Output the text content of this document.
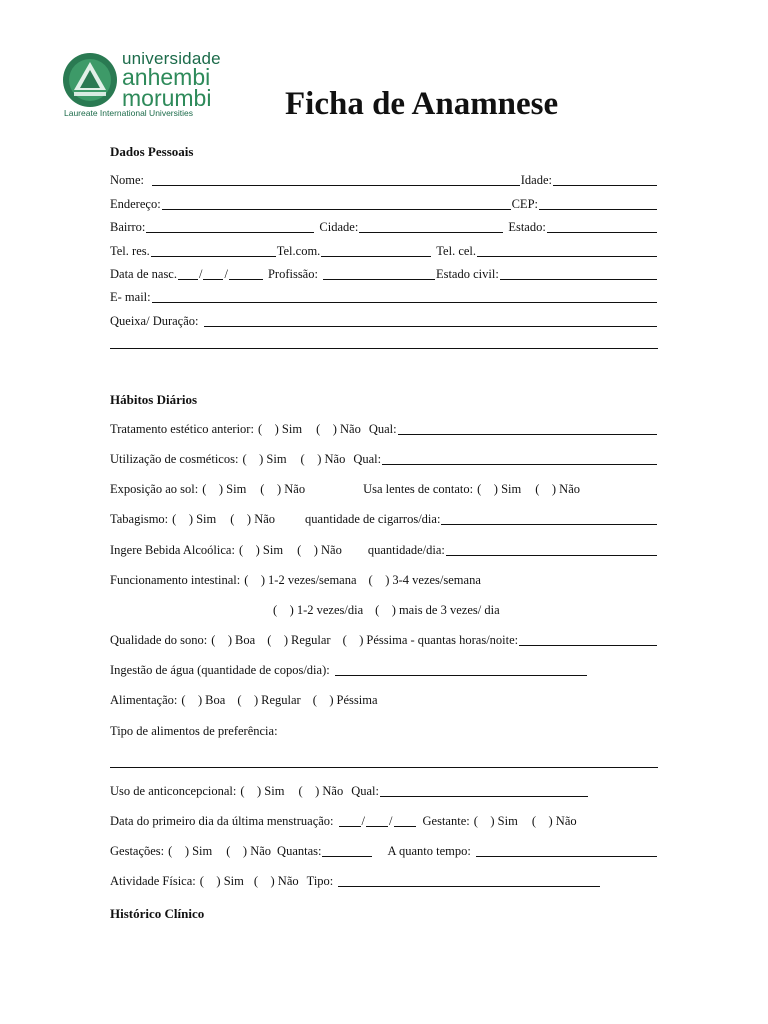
universidade
anhembi
morumbi
Laureate International Universities	Ficha de Anamnese
Dados Pessoais
Nome:	Idade:
Endereço:	CEP:
Bairro:	Cidade:	Estado:
Tel. res.	Tel.com.	Tel. cel.
Data de nasc. / /	Profissão:	Estado civil:
E- mail:
Queixa/ Duração:
Hábitos Diários
Tratamento estético anterior: (    ) Sim (    ) Não Qual:
Utilização de cosméticos: (    ) Sim (    ) Não Qual:
Exposição ao sol: (    ) Sim (    ) Não	Usa lentes de contato: (    ) Sim (    ) Não
Tabagismo: (    ) Sim (    ) Não quantidade de cigarros/dia:
Ingere Bebida Alcoólica: (    ) Sim (    ) Não quantidade/dia:
Funcionamento intestinal: (    ) 1-2 vezes/semana (    ) 3-4 vezes/semana
(    ) 1-2 vezes/dia (    ) mais de 3 vezes/ dia
Qualidade do sono: (    ) Boa (    ) Regular (    ) Péssima - quantas horas/noite:
Ingestão de água (quantidade de copos/dia):
Alimentação: (    ) Boa (    ) Regular (    ) Péssima
Tipo de alimentos de preferência:
Uso de anticoncepcional: (    ) Sim (    ) Não Qual:
Data do primeiro dia da última menstruação: / / Gestante: (    ) Sim (    ) Não
Gestações: (    ) Sim (    ) Não Quantas:	A quanto tempo:
Atividade Física: (    ) Sim (    ) Não Tipo:
Histórico Clínico
